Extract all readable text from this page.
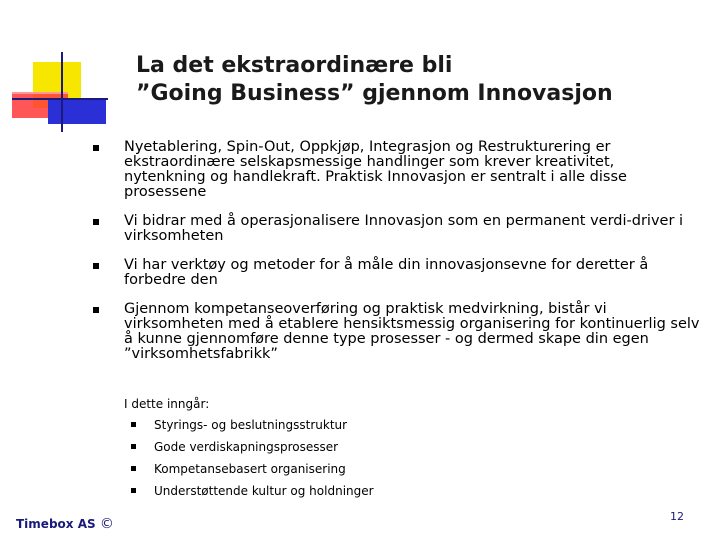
La det ekstraordinære bli
”Going Business” gjennom Innovasjon
Nyetablering, Spin-Out, Oppkjøp, Integrasjon og Restrukturering er ekstraordinære selskapsmessige handlinger som krever kreativitet, nytenkning og handlekraft. Praktisk Innovasjon er sentralt i alle disse prosessene
Vi bidrar med å operasjonalisere Innovasjon som en permanent verdi-driver i virksomheten
Vi har verktøy og metoder for å måle din innovasjonsevne for deretter å forbedre den
Gjennom kompetanseoverføring og praktisk medvirkning, bistår vi virksomheten med å etablere hensiktsmessig organisering for kontinuerlig selv å kunne gjennomføre denne type prosesser - og dermed skape din egen ”virksomhetsfabrikk”
I dette inngår:
Styrings- og beslutningsstruktur
Gode verdiskapningsprosesser
Kompetansebasert organisering
Understøttende kultur og holdninger
Timebox AS ©	12
